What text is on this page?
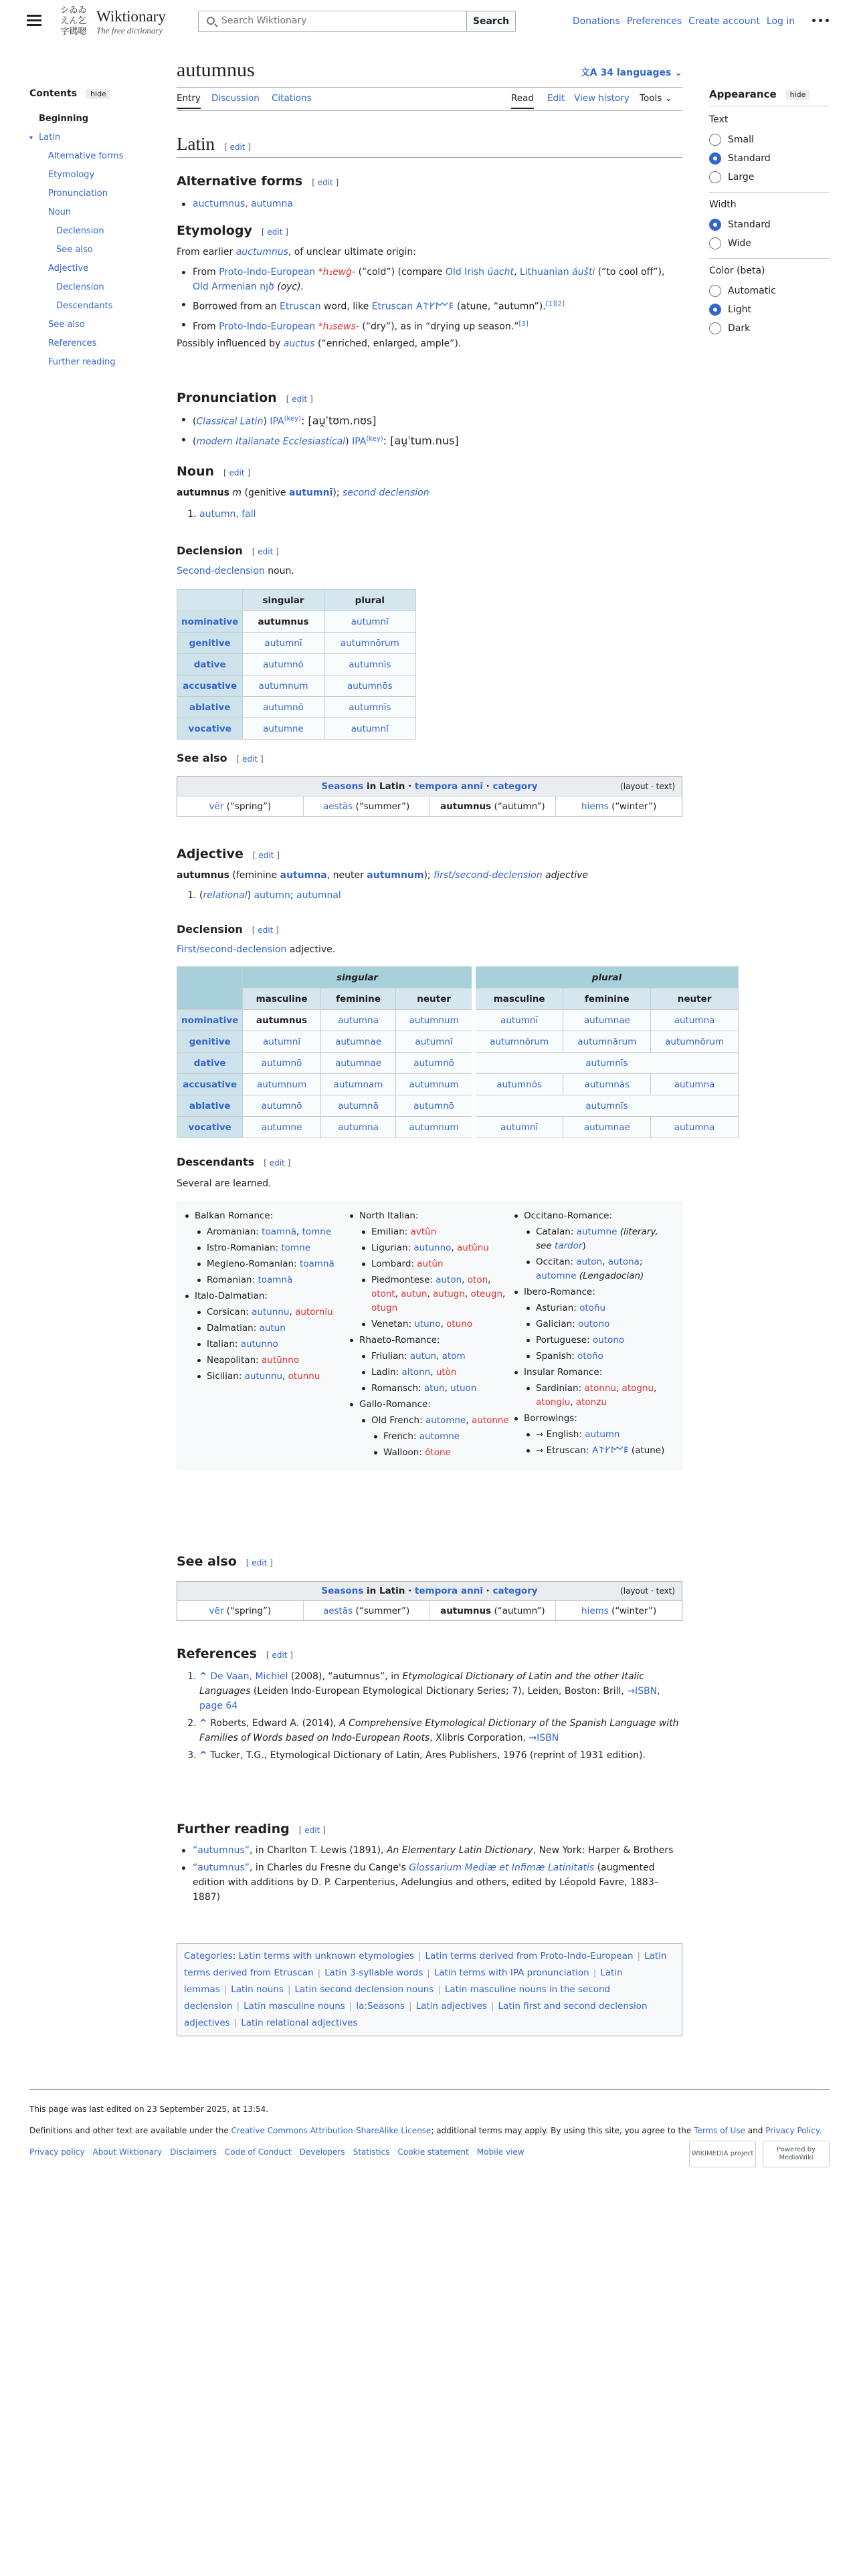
シゐゐ
えん乞
字碼嗯
Wiktionary
The free dictionary
Search Wiktionary
Search	Donations Preferences Create account Log in •••
Contents	hide
Beginning
▾ Latin
Alternative forms
Etymology
Pronunciation
Noun
Declension
See also
Adjective
Declension
Descendants
See also
References
Further reading
Appearance	hide
Text
Small
Standard
Large
Width
Standard
Wide
Color (beta)
Automatic
Light
Dark
autumnus	文A 34 languages ⌄
Entry Discussion Citations	Read Edit View history Tools ⌄
Latin [ edit ]
Alternative forms [ edit ]
auctumnus, autumna
Etymology [ edit ]

From earlier auctumnus, of unclear ultimate origin:

From Proto-Indo-European *h₁ewǵ- (“cold”) (compare Old Irish úacht, Lithuanian áušti (“to cool off”), Old Armenian ոյծ (oyc).
Borrowed from an Etruscan word, like Etruscan 𐌀𐌕𐌖𐌌𐌄 (atune, “autumn”).[1][2]
From Proto-Indo-European *h₂sews- (“dry”), as in “drying up season.”[3]

Possibly influenced by auctus (“enriched, enlarged, ample”).

Pronunciation [ edit ]
(Classical Latin) $IPA^{(key)}$: [au̯ˈtʊm.nʊs]
(modern Italianate Ecclesiastical) $IPA^{(key)}$: [au̯ˈtum.nus]
Noun [ edit ]

autumnus m (genitive autumnī); second declension

1. autumn, fall
Declension [ edit ]

Second-declension noun.

	singular	plural
nominative	autumnus	autumnī
genitive	autumnī	autumnōrum
dative	autumnō	autumnīs
accusative	autumnum	autumnōs
ablative	autumnō	autumnīs
vocative	autumne	autumnī
See also [ edit ]
Seasons in Latin · tempora annī · category	(layout · text)
vēr (“spring”)	aestās (“summer”)	autumnus (“autumn”)	hiems (“winter”)
Adjective [ edit ]

autumnus (feminine autumna, neuter autumnum); first/second-declension adjective

1. (relational) autumn; autumnal
Declension [ edit ]

First/second-declension adjective.

	singular			plural		
	masculine	feminine	neuter	masculine	feminine	neuter
nominative	autumnus	autumna	autumnum	autumnī	autumnae	autumna
genitive	autumnī	autumnae	autumnī	autumnōrum	autumnārum	autumnōrum
dative	autumnō	autumnae	autumnō	autumnīs		
accusative	autumnum	autumnam	autumnum	autumnōs	autumnās	autumna
ablative	autumnō	autumnā	autumnō	autumnīs		
vocative	autumne	autumna	autumnum	autumnī	autumnae	autumna
Descendants [ edit ]

Several are learned.

Balkan Romance:
Aromanian: toamnă, tomne
Istro-Romanian: tomne
Megleno-Romanian: toamnă
Romanian: toamnă
Italo-Dalmatian:
Corsican: autunnu, autorniu
Dalmatian: autun
Italian: autunno
Neapolitan: autūnno
Sicilian: autunnu, otunnu
North Italian:
Emilian: avtûn
Ligurian: autunno, autûnu
Lombard: autûn
Piedmontese: auton, oton, otont, autun, autugn, oteugn, otugn
Venetan: utuno, otuno
Rhaeto-Romance:
Friulian: autun, atom
Ladin: altonn, utòn
Romansch: atun, utuon
Gallo-Romance:
Old French: automne, autonne
French: automne
Walloon: ôtone
Occitano-Romance:
Catalan: autumne (literary, see tardor)
Occitan: auton, autona; automne (Lengadocian)
Ibero-Romance:
Asturian: otoñu
Galician: outono
Portuguese: outono
Spanish: otoño
Insular Romance:
Sardinian: atonnu, atognu, atongiu, atonzu
Borrowings:
→ English: autumn
→ Etruscan: 𐌀𐌕𐌖𐌌𐌄 (atune)
See also [ edit ]
Seasons in Latin · tempora annī · category	(layout · text)
vēr (“spring”)	aestās (“summer”)	autumnus (“autumn”)	hiems (“winter”)
References [ edit ]
1. ^ De Vaan, Michiel (2008), “autumnus”, in Etymological Dictionary of Latin and the other Italic Languages (Leiden Indo-European Etymological Dictionary Series; 7), Leiden, Boston: Brill, →ISBN, page 64
2. ^ Roberts, Edward A. (2014), A Comprehensive Etymological Dictionary of the Spanish Language with Families of Words based on Indo-European Roots, Xlibris Corporation, →ISBN
3. ^ Tucker, T.G., Etymological Dictionary of Latin, Ares Publishers, 1976 (reprint of 1931 edition).
Further reading [ edit ]
“autumnus”, in Charlton T. Lewis (1891), An Elementary Latin Dictionary, New York: Harper & Brothers
“autumnus”, in Charles du Fresne du Cange's Glossarium Mediæ et Infimæ Latinitatis (augmented edition with additions by D. P. Carpenterius, Adelungius and others, edited by Léopold Favre, 1883–1887)
Categories: Latin terms with unknown etymologies | Latin terms derived from Proto-Indo-European | Latin terms derived from Etruscan | Latin 3-syllable words | Latin terms with IPA pronunciation | Latin lemmas | Latin nouns | Latin second declension nouns | Latin masculine nouns in the second declension | Latin masculine nouns | la:Seasons | Latin adjectives | Latin first and second declension adjectives | Latin relational adjectives
This page was last edited on 23 September 2025, at 13:54.
Definitions and other text are available under the Creative Commons Attribution-ShareAlike License; additional terms may apply. By using this site, you agree to the Terms of Use and Privacy Policy.
Privacy policy About Wiktionary Disclaimers Code of Conduct Developers Statistics Cookie statement Mobile view	WIKIMEDIA project
Powered by MediaWiki
